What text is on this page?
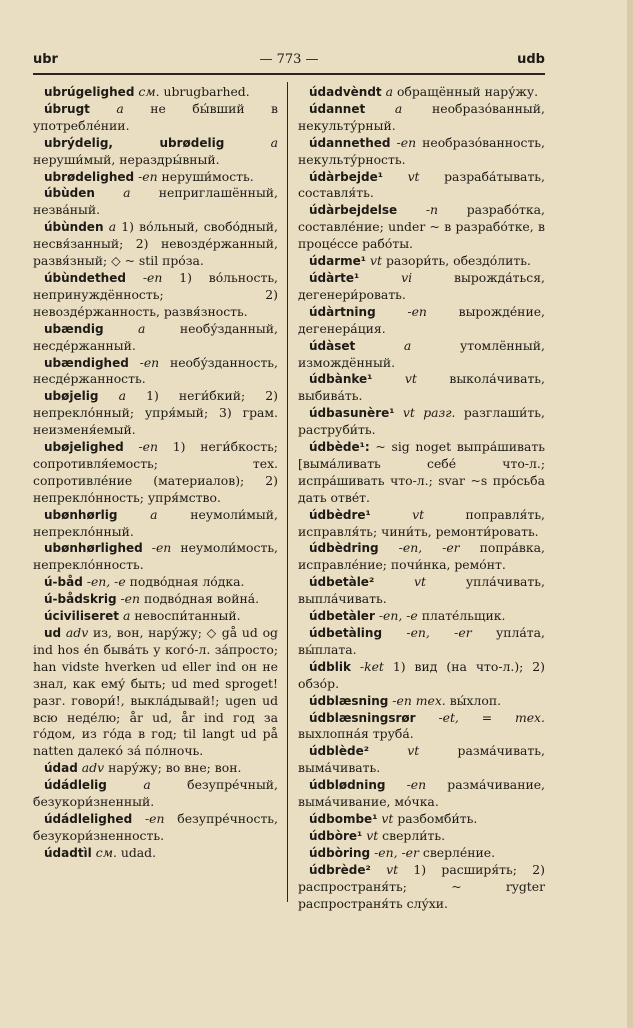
ubr	— 773 —	udb
ubrúgelighed см. ubrugbarhed.
úbrugt a не бы́вший в употребле́нии.
ubrýdelig, ubrødelig	a неруши́мый, нераздры́вный.
ubrødelighed -en неруши́мость.
úbùden a неприглашённый, незва́ный.
úbùnden a 1) во́льный, свобо́дный, несвя́занный; 2) невозде́ржанный, развя́зный; ◇ ~ stil про́за.
úbùndethed -en 1) во́льность, непринуждённость; 2) невозде́ржанность, развя́зность.
ubændig	a	необу́зданный, несде́ржанный.
ubændighed -en необу́зданность, несде́ржанность.
ubøjelig a 1) неги́бкий; 2) непрекло́нный; упря́мый; 3) грам. неизменя́емый.
ubøjelighed -en 1) неги́бкость; сопротивля́емость; тех. сопротивле́ние (материалов); 2) непрекло́нность; упря́мство.
ubønhørlig	a	неумоли́мый, непрекло́нный.
ubønhørlighed -en неумоли́мость, непрекло́нность.
ú-båd -en, -e подво́дная ло́дка.
ú-bådskrig -en подво́дная война́.
úciviliseret a невоспи́танный.
ud adv из, вон, нару́жу; ◇ gå ud og ind hos én быва́ть у кого́-л. за́просто; han vidste hverken ud eller ind он не знал, как ему́ быть; ud med sproget! разг. говори́!, выкла́дывай!; ugen ud всю неде́лю; år ud, år ind год за го́дом, из го́да в год; til langt ud på natten далеко́ за́ по́лночь.
údad adv нару́жу; во вне; вон.
údádlelig	a	безупре́чный, безукори́зненный.
údádlelighed -en безупре́чность, безукори́зненность.
údadtìl см. udad.
údadvèndt a обращённый нару́жу.
údannet a необразо́ванный, некульту́рный.
údannethed -en необразо́ванность, некульту́рность.
údàrbejde¹ vt разраба́тывать, составля́ть.
údàrbejdelse -n разрабо́тка, составле́ние; under ~ в разрабо́тке, в проце́ссе рабо́ты.
údarme¹ vt разори́ть, обездо́лить.
údàrte¹	vi	вырожда́ться, дегенери́ровать.
údàrtning	-en	вырожде́ние, дегенера́ция.
údàset	a	утомлённый, измождённый.
údbànke¹	vt	выкола́чивать, выбива́ть.
údbasunère¹ vt разг. разглаши́ть, раструби́ть.
údbède¹: ~ sig noget выпра́шивать [выма́ливать себе́ что-л.; испра́шивать что-л.; svar ~s про́сьба дать отве́т.
údbèdre¹	vt	поправля́ть, исправля́ть; чини́ть, ремонти́ровать.
údbèdring -en, -er попра́вка, исправле́ние; почи́нка, ремо́нт.
údbetàle²	vt	упла́чивать, выпла́чивать.
údbetàler -en, -e плате́льщик.
údbetàling -en, -er упла́та, вы́плата.
údblik -ket 1) вид (на что-л.); 2) обзо́р.
údblæsning -en тех. вы́хлоп.
údblæsningsrør -et, = тех. выхлопна́я труба́.
údblède²	vt	разма́чивать, выма́чивать.
údblødning -en разма́чивание, выма́чивание, мо́чка.
údbombe¹ vt разбомби́ть.
údbòre¹ vt сверли́ть.
údbòring -en, -er сверле́ние.
údbrède² vt 1) расширя́ть; 2) распространя́ть; ~ rygter распространя́ть слу́хи.
